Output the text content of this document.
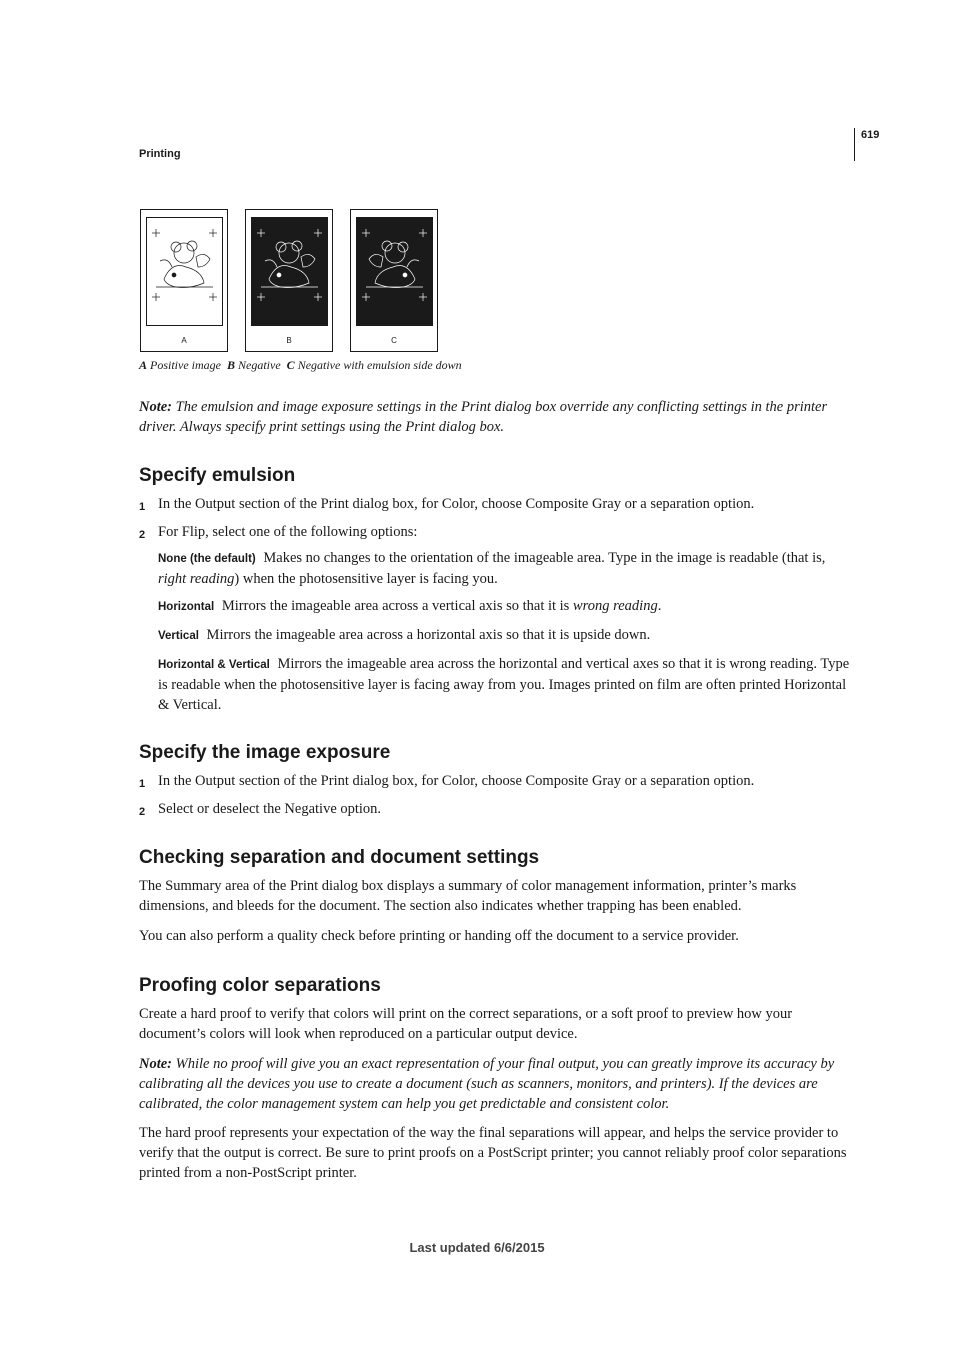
619
Printing
A	B	C
A Positive image B Negative C Negative with emulsion side down

Note: The emulsion and image exposure settings in the Print dialog box override any conflicting settings in the printer driver. Always specify print settings using the Print dialog box.

Specify emulsion
1 In the Output section of the Print dialog box, for Color, choose Composite Gray or a separation option.
2 For Flip, select one of the following options:

None (the default) Makes no changes to the orientation of the imageable area. Type in the image is readable (that is, right reading) when the photosensitive layer is facing you.

Horizontal Mirrors the imageable area across a vertical axis so that it is wrong reading.

Vertical Mirrors the imageable area across a horizontal axis so that it is upside down.

Horizontal & Vertical Mirrors the imageable area across the horizontal and vertical axes so that it is wrong reading. Type is readable when the photosensitive layer is facing away from you. Images printed on film are often printed Horizontal & Vertical.

Specify the image exposure
1 In the Output section of the Print dialog box, for Color, choose Composite Gray or a separation option.
2 Select or deselect the Negative option.
Checking separation and document settings

The Summary area of the Print dialog box displays a summary of color management information, printer’s marks dimensions, and bleeds for the document. The section also indicates whether trapping has been enabled.

You can also perform a quality check before printing or handing off the document to a service provider.

Proofing color separations

Create a hard proof to verify that colors will print on the correct separations, or a soft proof to preview how your document’s colors will look when reproduced on a particular output device.

Note: While no proof will give you an exact representation of your final output, you can greatly improve its accuracy by calibrating all the devices you use to create a document (such as scanners, monitors, and printers). If the devices are calibrated, the color management system can help you get predictable and consistent color.

The hard proof represents your expectation of the way the final separations will appear, and helps the service provider to verify that the output is correct. Be sure to print proofs on a PostScript printer; you cannot reliably proof color separations printed from a non-PostScript printer.

Last updated 6/6/2015
